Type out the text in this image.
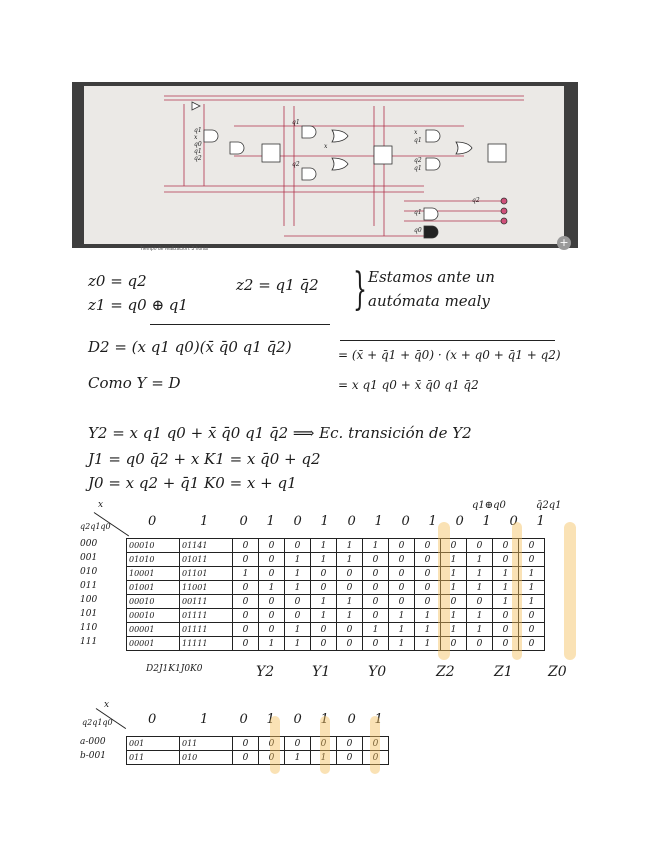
q1
x
q0
q1
q2
q1
x
q2
x
q1
q2
q1
q2
q1
q0
Tiempo de realización: 3 horas	+
z0 = q2
z1 = q0 ⊕ q1
z2 = q1 q̄2 } Estamos ante un
autómata mealy
D2 = (x q1 q0)(x̄ q̄0 q1 q̄2)	= (x̄ + q̄1 + q̄0) · (x + q0 + q̄1 + q2)
Como Y = D	= x q1 q0 + x̄ q̄0 q1 q̄2
Y2 = x q1 q0 + x̄ q̄0 q1 q̄2 ⟹ Ec. transición de Y2
J1 = q0 q̄2 + x K1 = x q̄0 + q2
J0 = x q2 + q̄1 K0 = x + q1
x
q2q1q0
q1⊕q0	q̄2q1
0	1 0 1 0 1 0 1 0 1 0 1 0 1
000
001
010
011
100
101
110
111
00010	01141	0	0	0	1	1	1	0	0	0	0	0	0
01010	01011	0	0	1	1	1	0	0	0	1	1	0	0
10001	01101	1	0	1	0	0	0	0	0	1	1	1	1
01001	11001	0	1	1	0	0	0	0	0	1	1	1	1
00010	00111	0	0	0	1	1	0	0	0	0	0	1	1
00010	01111	0	0	0	1	1	0	1	1	1	1	0	0
00001	01111	0	0	1	0	0	1	1	1	1	1	0	0
00001	11111	0	1	1	0	0	0	1	1	0	0	0	0
D2J1K1J0K0	Y2	Y1	Y0	Z2	Z1	Z0
x
q2q1q0	0	1 0 1 0 1 0 1
a-000
b-001
001	011	0	0	0	0	0	0
011	010	0	0	1	1	0	0
